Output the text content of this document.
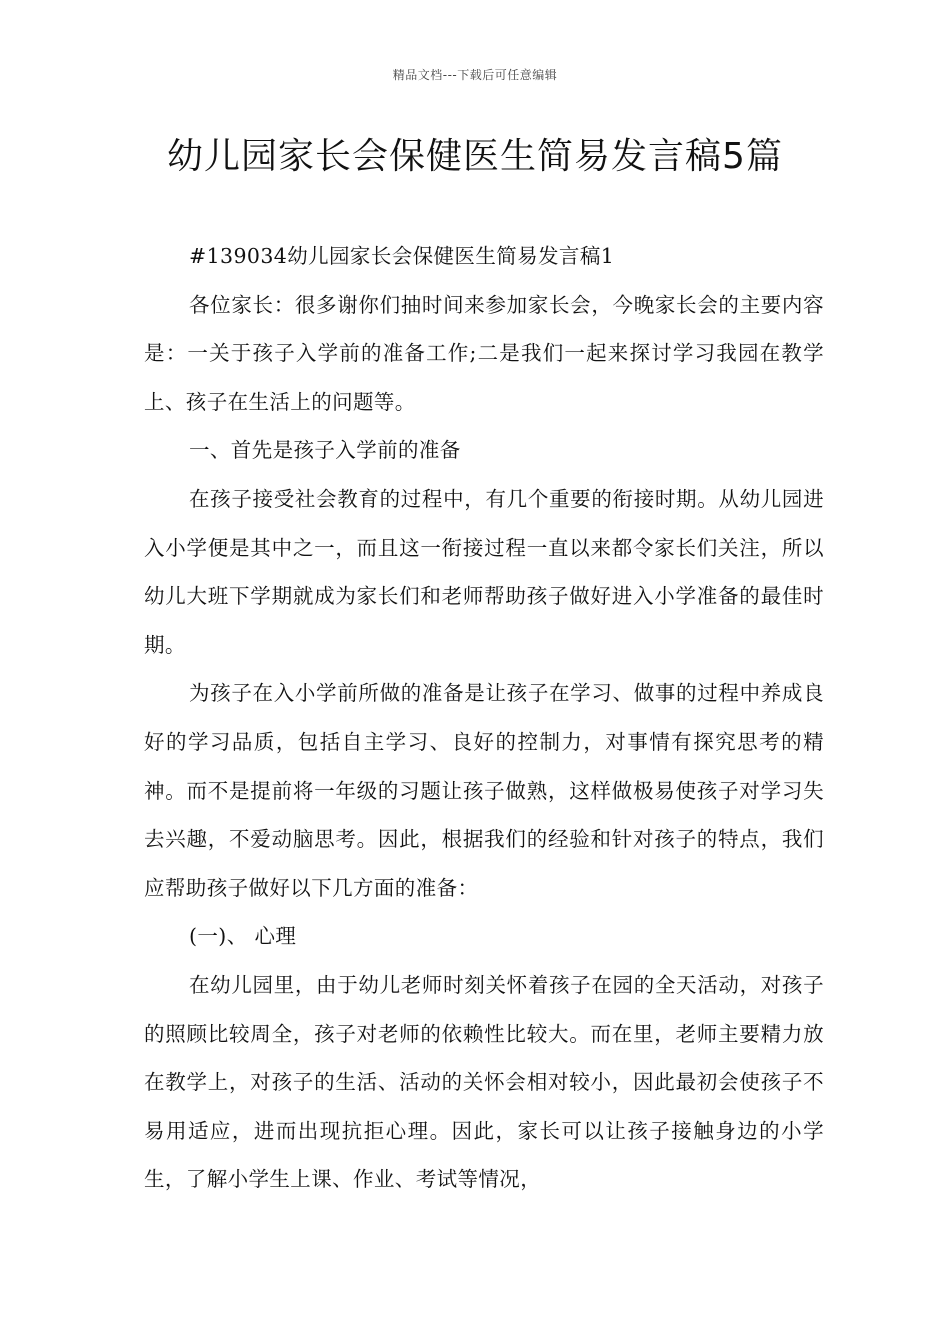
精品文档---下载后可任意编辑
幼儿园家长会保健医生简易发言稿5篇

#139034幼儿园家长会保健医生简易发言稿1

各位家长：很多谢你们抽时间来参加家长会，今晚家长会的主要内容是：一关于孩子入学前的准备工作;二是我们一起来探讨学习我园在教学上、孩子在生活上的问题等。

一、首先是孩子入学前的准备

在孩子接受社会教育的过程中，有几个重要的衔接时期。从幼儿园进入小学便是其中之一，而且这一衔接过程一直以来都令家长们关注，所以幼儿大班下学期就成为家长们和老师帮助孩子做好进入小学准备的最佳时期。

为孩子在入小学前所做的准备是让孩子在学习、做事的过程中养成良好的学习品质，包括自主学习、良好的控制力，对事情有探究思考的精神。而不是提前将一年级的习题让孩子做熟，这样做极易使孩子对学习失去兴趣，不爱动脑思考。因此，根据我们的经验和针对孩子的特点，我们应帮助孩子做好以下几方面的准备：

(一)、 心理

在幼儿园里，由于幼儿老师时刻关怀着孩子在园的全天活动，对孩子的照顾比较周全，孩子对老师的依赖性比较大。而在里，老师主要精力放在教学上，对孩子的生活、活动的关怀会相对较小，因此最初会使孩子不易用适应，进而出现抗拒心理。因此，家长可以让孩子接触身边的小学生，了解小学生上课、作业、考试等情况，
